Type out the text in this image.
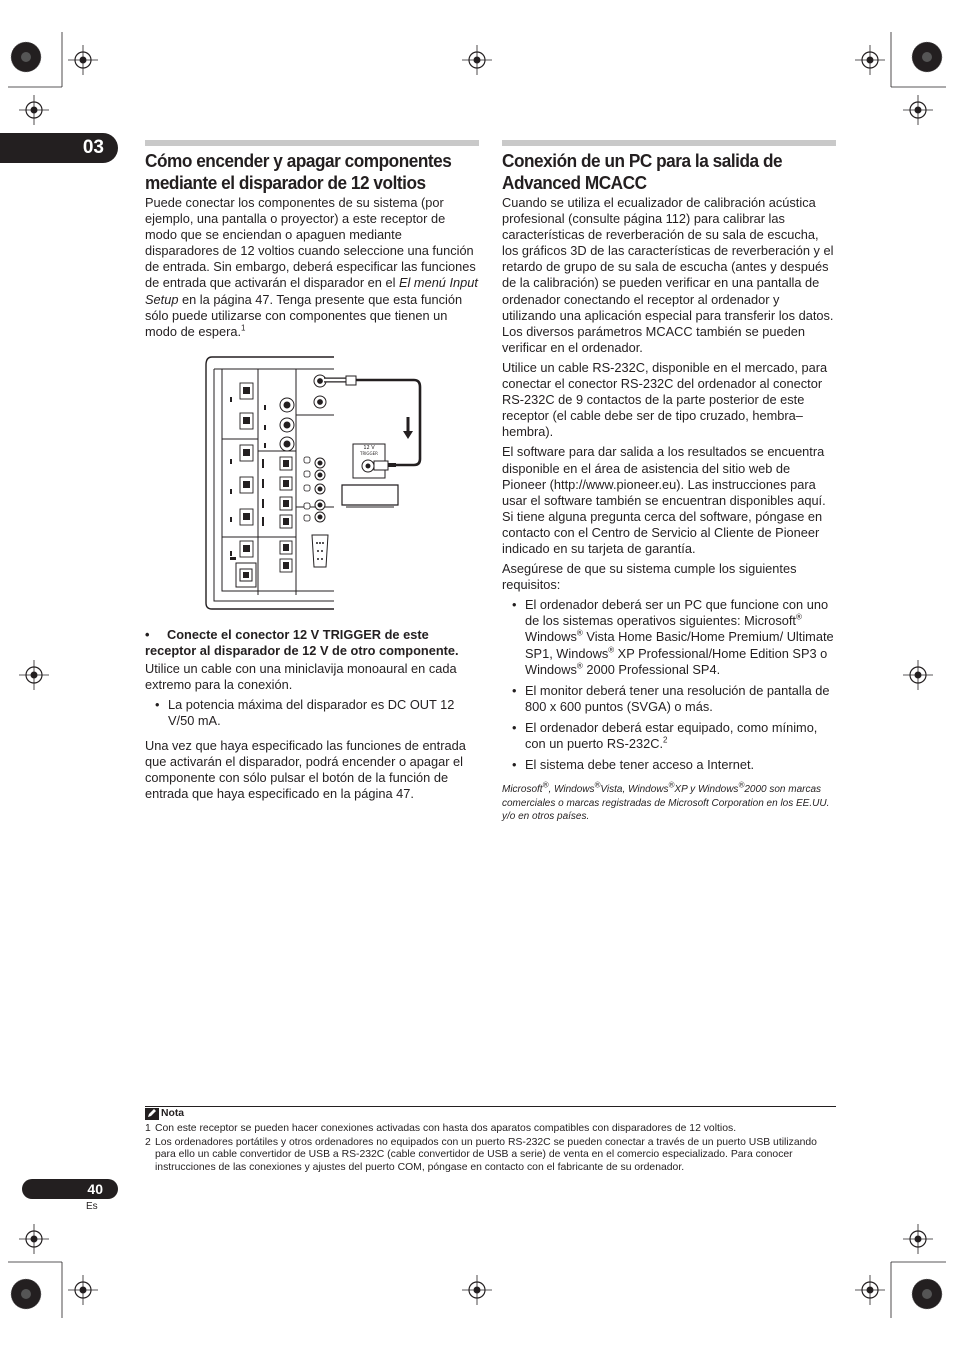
03
Cómo encender y apagar componentes mediante el disparador de 12 voltios

Puede conectar los componentes de su sistema (por ejemplo, una pantalla o proyector) a este receptor de modo que se enciendan o apaguen mediante disparadores de 12 voltios cuando seleccione una función de entrada. Sin embargo, deberá especificar las funciones de entrada que activarán el disparador en el El menú Input Setup en la página 47. Tenga presente que esta función sólo puede utilizarse con componentes que tienen un modo de espera.$^1$

12 V
TRIGGER

• Conecte el conector 12 V TRIGGER de este receptor al disparador de 12 V de otro componente.

Utilice un cable con una miniclavija monoaural en cada extremo para la conexión.

• La potencia máxima del disparador es DC OUT 12 V/50 mA.

Una vez que haya especificado las funciones de entrada que activarán el disparador, podrá encender o apagar el componente con sólo pulsar el botón de la función de entrada que haya especificado en la página 47.

Conexión de un PC para la salida de Advanced MCACC

Cuando se utiliza el ecualizador de calibración acústica profesional (consulte página 112) para calibrar las características de reverberación de su sala de escucha, los gráficos 3D de las características de reverberación y el retardo de grupo de su sala de escucha (antes y después de la calibración) se pueden verificar en una pantalla de ordenador conectando el receptor al ordenador y utilizando una aplicación especial para transferir los datos. Los diversos parámetros MCACC también se pueden verificar en el ordenador.

Utilice un cable RS-232C, disponible en el mercado, para conectar el conector RS-232C del ordenador al conector RS-232C de 9 contactos de la parte posterior de este receptor (el cable debe ser de tipo cruzado, hembra–hembra).

El software para dar salida a los resultados se encuentra disponible en el área de asistencia del sitio web de Pioneer (http://www.pioneer.eu). Las instrucciones para usar el software también se encuentran disponibles aquí. Si tiene alguna pregunta cerca del software, póngase en contacto con el Centro de Servicio al Cliente de Pioneer indicado en su tarjeta de garantía.

Asegúrese de que su sistema cumple los siguientes requisitos:

• El ordenador deberá ser un PC que funcione con uno de los sistemas operativos siguientes: Microsoft® Windows® Vista Home Basic/Home Premium/ Ultimate SP1, Windows® XP Professional/Home Edition SP3 o Windows® 2000 Professional SP4.
• El monitor deberá tener una resolución de pantalla de 800 x 600 puntos (SVGA) o más.
• El ordenador deberá estar equipado, como mínimo, con un puerto RS-232C.$^2$
• El sistema debe tener acceso a Internet.

Microsoft®, Windows®Vista, Windows®XP y Windows®2000 son marcas comerciales o marcas registradas de Microsoft Corporation en los EE.UU. y/o en otros países.

Nota
1 Con este receptor se pueden hacer conexiones activadas con hasta dos aparatos compatibles con disparadores de 12 voltios.
2 Los ordenadores portátiles y otros ordenadores no equipados con un puerto RS-232C se pueden conectar a través de un puerto USB utilizando para ello un cable convertidor de USB a RS-232C (cable convertidor de USB a serie) de venta en el comercio especializado. Para conocer instrucciones de las conexiones y ajustes del puerto COM, póngase en contacto con el fabricante de su ordenador.
40
Es
